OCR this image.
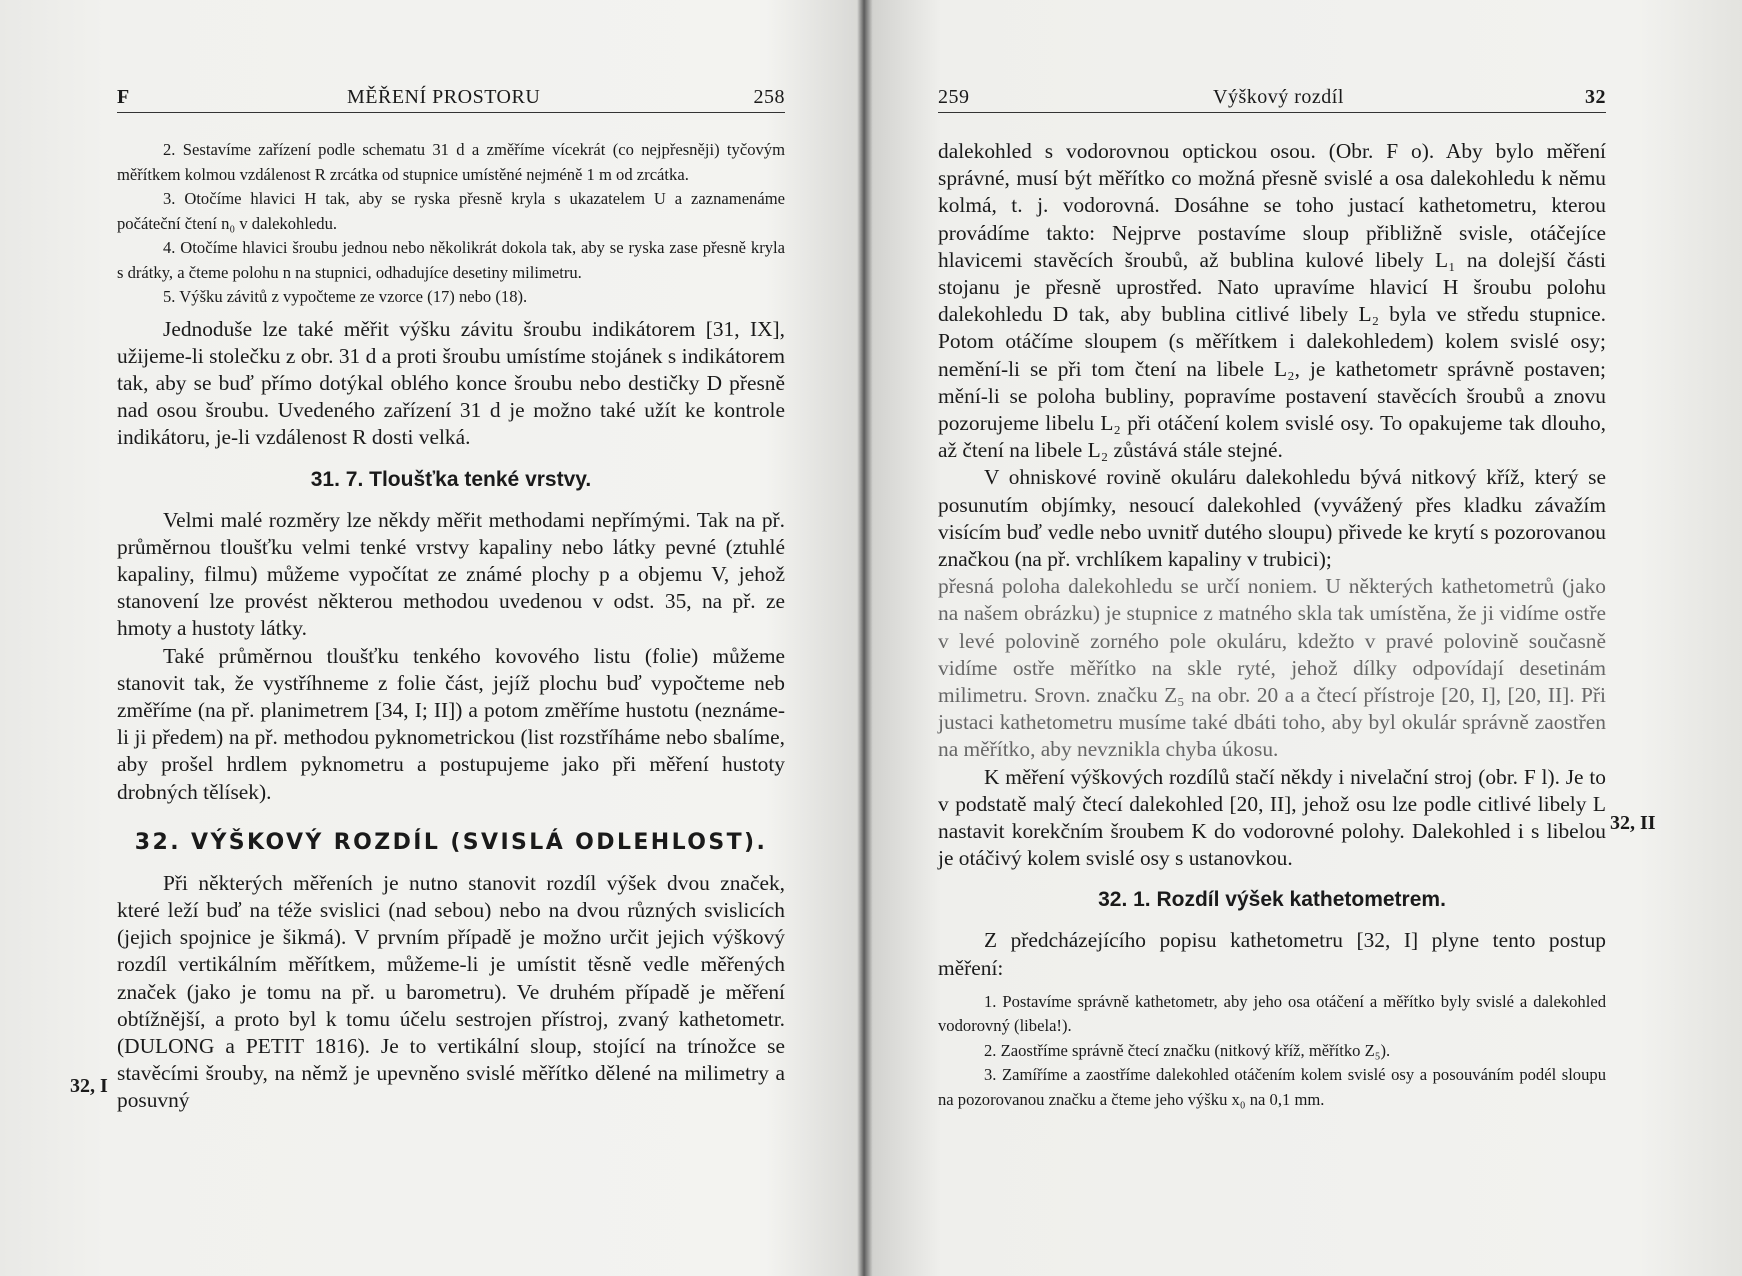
F	MĚŘENÍ PROSTORU	258

2. Sestavíme zařízení podle schematu 31 d a změříme vícekrát (co nejpřesněji) tyčovým měřítkem kolmou vzdálenost R zrcátka od stupnice umístěné nejméně 1 m od zrcátka.

3. Otočíme hlavici H tak, aby se ryska přesně kryla s ukazatelem U a zaznamenáme počáteční čtení n₀ v dalekohledu.

4. Otočíme hlavici šroubu jednou nebo několikrát dokola tak, aby se ryska zase přesně kryla s drátky, a čteme polohu n na stupnici, odhadujíce desetiny milimetru.

5. Výšku závitů z vypočteme ze vzorce (17) nebo (18).

Jednoduše lze také měřit výšku závitu šroubu indikátorem [31, IX], užijeme-li stolečku z obr. 31 d a proti šroubu umístíme stojánek s indikátorem tak, aby se buď přímo dotýkal oblého konce šroubu nebo destičky D přesně nad osou šroubu. Uvedeného zařízení 31 d je možno také užít ke kontrole indikátoru, je-li vzdálenost R dosti velká.

31. 7. Tloušťka tenké vrstvy.

Velmi malé rozměry lze někdy měřit methodami nepřímými. Tak na př. průměrnou tloušťku velmi tenké vrstvy kapaliny nebo látky pevné (ztuhlé kapaliny, filmu) můžeme vypočítat ze známé plochy p a objemu V, jehož stanovení lze provést některou methodou uvedenou v odst. 35, na př. ze hmoty a hustoty látky.

Také průměrnou tloušťku tenkého kovového listu (folie) můžeme stanovit tak, že vystříhneme z folie část, jejíž plochu buď vypočteme neb změříme (na př. planimetrem [34, I; II]) a potom změříme hustotu (neznáme-li ji předem) na př. methodou pyknometrickou (list rozstříháme nebo sbalíme, aby prošel hrdlem pyknometru a postupujeme jako při měření hustoty drobných tělísek).

32. VÝŠKOVÝ ROZDÍL (SVISLÁ ODLEHLOST).

Při některých měřeních je nutno stanovit rozdíl výšek dvou značek, které leží buď na téže svislici (nad sebou) nebo na dvou různých svislicích (jejich spojnice je šikmá). V prvním případě je možno určit jejich výškový rozdíl vertikálním měřítkem, můžeme-li je umístit těsně vedle měřených značek (jako je tomu na př. u barometru). Ve druhém případě je měření obtížnější, a proto byl k tomu účelu sestrojen přístroj, zvaný kathetometr. (DULONG a PETIT 1816). Je to vertikální sloup, stojící na trínožce se stavěcími šrouby, na němž je upevněno svislé měřítko dělené na milimetry a posuvný

32, I
259	Výškový rozdíl	32

dalekohled s vodorovnou optickou osou. (Obr. F o). Aby bylo měření správné, musí být měřítko co možná přesně svislé a osa dalekohledu k němu kolmá, t. j. vodorovná. Dosáhne se toho justací kathetometru, kterou provádíme takto: Nejprve postavíme sloup přibližně svisle, otáčejíce hlavicemi stavěcích šroubů, až bublina kulové libely L₁ na dolejší části stojanu je přesně uprostřed. Nato upravíme hlavicí H šroubu polohu dalekohledu D tak, aby bublina citlivé libely L₂ byla ve středu stupnice. Potom otáčíme sloupem (s měřítkem i dalekohledem) kolem svislé osy; nemění-li se při tom čtení na libele L₂, je kathetometr správně postaven; mění-li se poloha bubliny, popravíme postavení stavěcích šroubů a znovu pozorujeme libelu L₂ při otáčení kolem svislé osy. To opakujeme tak dlouho, až čtení na libele L₂ zůstává stále stejné.

V ohniskové rovině okuláru dalekohledu bývá nitkový kříž, který se posunutím objímky, nesoucí dalekohled (vyvážený přes kladku závažím visícím buď vedle nebo uvnitř dutého sloupu) přivede ke krytí s pozorovanou značkou (na př. vrchlíkem kapaliny v trubici);

přesná poloha dalekohledu se určí noniem. U některých kathetometrů (jako na našem obrázku) je stupnice z matného skla tak umístěna, že ji vidíme ostře v levé polovině zorného pole okuláru, kdežto v pravé polovině současně vidíme ostře měřítko na skle ryté, jehož dílky odpovídají desetinám milimetru. Srovn. značku Z₅ na obr. 20 a a čtecí přístroje [20, I], [20, II]. Při justaci kathetometru musíme také dbáti toho, aby byl okulár správně zaostřen na měřítko, aby nevznikla chyba úkosu.

K měření výškových rozdílů stačí někdy i nivelační stroj (obr. F l). Je to v podstatě malý čtecí dalekohled [20, II], jehož osu lze podle citlivé libely L nastavit korekčním šroubem K do vodorovné polohy. Dalekohled i s libelou je otáčivý kolem svislé osy s ustanovkou.

32. 1. Rozdíl výšek kathetometrem.

Z předcházejícího popisu kathetometru [32, I] plyne tento postup měření:

1. Postavíme správně kathetometr, aby jeho osa otáčení a měřítko byly svislé a dalekohled vodorovný (libela!).

2. Zaostříme správně čtecí značku (nitkový kříž, měřítko Z₅).

3. Zamíříme a zaostříme dalekohled otáčením kolem svislé osy a posouváním podél sloupu na pozorovanou značku a čteme jeho výšku x₀ na 0,1 mm.

32, II
